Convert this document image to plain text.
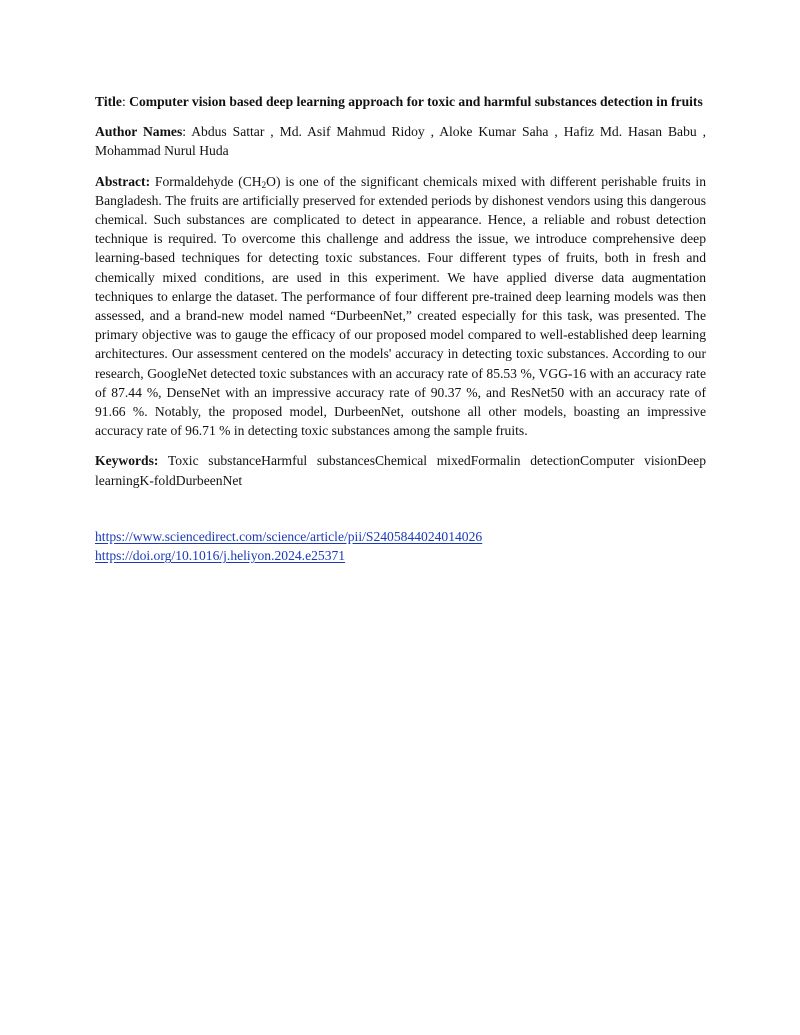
Title: Computer vision based deep learning approach for toxic and harmful substances detection in fruits

Author Names: Abdus Sattar , Md. Asif Mahmud Ridoy , Aloke Kumar Saha , Hafiz Md. Hasan Babu , Mohammad Nurul Huda

Abstract: Formaldehyde $(CH_2O)$ is one of the significant chemicals mixed with different perishable fruits in Bangladesh. The fruits are artificially preserved for extended periods by dishonest vendors using this dangerous chemical. Such substances are complicated to detect in appearance. Hence, a reliable and robust detection technique is required. To overcome this challenge and address the issue, we introduce comprehensive deep learning-based techniques for detecting toxic substances. Four different types of fruits, both in fresh and chemically mixed conditions, are used in this experiment. We have applied diverse data augmentation techniques to enlarge the dataset. The performance of four different pre-trained deep learning models was then assessed, and a brand-new model named “DurbeenNet,” created especially for this task, was presented. The primary objective was to gauge the efficacy of our proposed model compared to well-established deep learning architectures. Our assessment centered on the models' accuracy in detecting toxic substances. According to our research, GoogleNet detected toxic substances with an accuracy rate of 85.53 %, VGG-16 with an accuracy rate of 87.44 %, DenseNet with an impressive accuracy rate of 90.37 %, and ResNet50 with an accuracy rate of 91.66 %. Notably, the proposed model, DurbeenNet, outshone all other models, boasting an impressive accuracy rate of 96.71 % in detecting toxic substances among the sample fruits.

Keywords: Toxic substanceHarmful substancesChemical mixedFormalin detectionComputer visionDeep learningK-foldDurbeenNet

https://www.sciencedirect.com/science/article/pii/S2405844024014026
https://doi.org/10.1016/j.heliyon.2024.e25371
